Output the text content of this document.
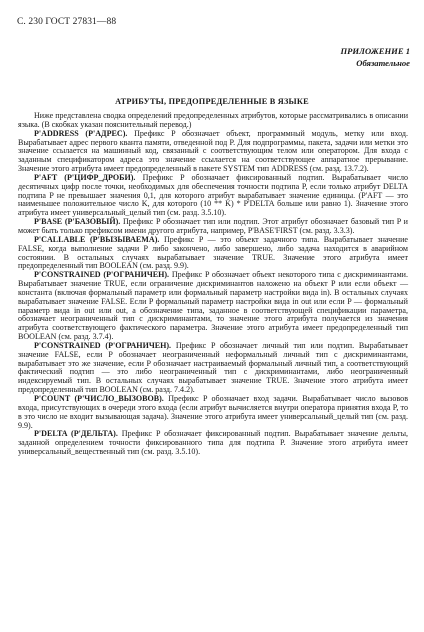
С. 230 ГОСТ 27831—88
ПРИЛОЖЕНИЕ 1
Обязательное
АТРИБУТЫ, ПРЕДОПРЕДЕЛЕННЫЕ В ЯЗЫКЕ

Ниже представлена сводка определений предопределенных атрибутов, которые рассматривались в описании языка. (В скобках указан пояснительный перевод.)

P'ADDRESS (P'АДРЕС). Префикс P обозначает объект, программный модуль, метку или вход. Вырабатывает адрес первого кванта памяти, отведенной под P. Для подпрограммы, пакета, задачи или метки это значение ссылается на машинный код, связанный с соответствующим телом или оператором. Для входа с заданным спецификатором адреса это значение ссылается на соответствующее аппаратное прерывание. Значение этого атрибута имеет предопределенный в пакете SYSTEM тип ADDRESS (см. разд. 13.7.2).

P'AFT (P'ЦИФР_ДРОБИ). Префикс P обозначает фиксированный подтип. Вырабатывает число десятичных цифр после точки, необходимых для обеспечения точности подтипа P, если только атрибут DELTA подтипа P не превышает значения 0,1, для которого атрибут вырабатывает значение единицы. (P'AFT — это наименьшее положительное число K, для которого (10 ** K) * P'DELTA больше или равно 1). Значение этого атрибута имеет универсальный_целый тип (см. разд. 3.5.10).

P'BASE (P'БАЗОВЫЙ). Префикс P обозначает тип или подтип. Этот атрибут обозначает базовый тип P и может быть только префиксом имени другого атрибута, например, P'BASE'FIRST (см. разд. 3.3.3).

P'CALLABLE (P'ВЫЗЫВАЕМА). Префикс P — это объект задачного типа. Вырабатывает значение FALSE, когда выполнение задачи P либо закончено, либо завершено, либо задача находится в аварийном состоянии. В остальных случаях вырабатывает значение TRUE. Значение этого атрибута имеет предопределенный тип BOOLEAN (см. разд. 9.9).

P'CONSTRAINED (P'ОГРАНИЧЕН). Префикс P обозначает объект некоторого типа с дискриминантами. Вырабатывает значение TRUE, если ограничение дискриминантов наложено на объект P или если объект — константа (включая формальный параметр или формальный параметр настройки вида in). В остальных случаях вырабатывает значение FALSE. Если P формальный параметр настройки вида in out или если P — формальный параметр вида in out или out, а обозначение типа, заданное в соответствующей спецификации параметра, обозначает неограниченный тип с дискриминантами, то значение этого атрибута получается из значения атрибута соответствующего фактического параметра. Значение этого атрибута имеет предопределенный тип BOOLEAN (см. разд. 3.7.4).

P'CONSTRAINED (P'ОГРАНИЧЕН). Префикс P обозначает личный тип или подтип. Вырабатывает значение FALSE, если P обозначает неограниченный неформальный личный тип с дискриминантами, вырабатывает это же значение, если P обозначает настраиваемый формальный личный тип, а соответствующий фактический подтип — это либо неограниченный тип с дискриминантами, либо неограниченный индексируемый тип. В остальных случаях вырабатывает значение TRUE. Значение этого атрибута имеет предопределенный тип BOOLEAN (см. разд. 7.4.2).

P'COUNT (P'ЧИСЛО_ВЫЗОВОВ). Префикс P обозначает вход задачи. Вырабатывает число вызовов входа, присутствующих в очереди этого входа (если атрибут вычисляется внутри оператора принятия входа P, то в это число не входит вызывающая задача). Значение этого атрибута имеет универсальный_целый тип (см. разд. 9.9).

P'DELTA (P'ДЕЛЬТА). Префикс P обозначает фиксированный подтип. Вырабатывает значение дельты, заданной определением точности фиксированного типа для подтипа P. Значение этого атрибута имеет универсальный_вещественный тип (см. разд. 3.5.10).
